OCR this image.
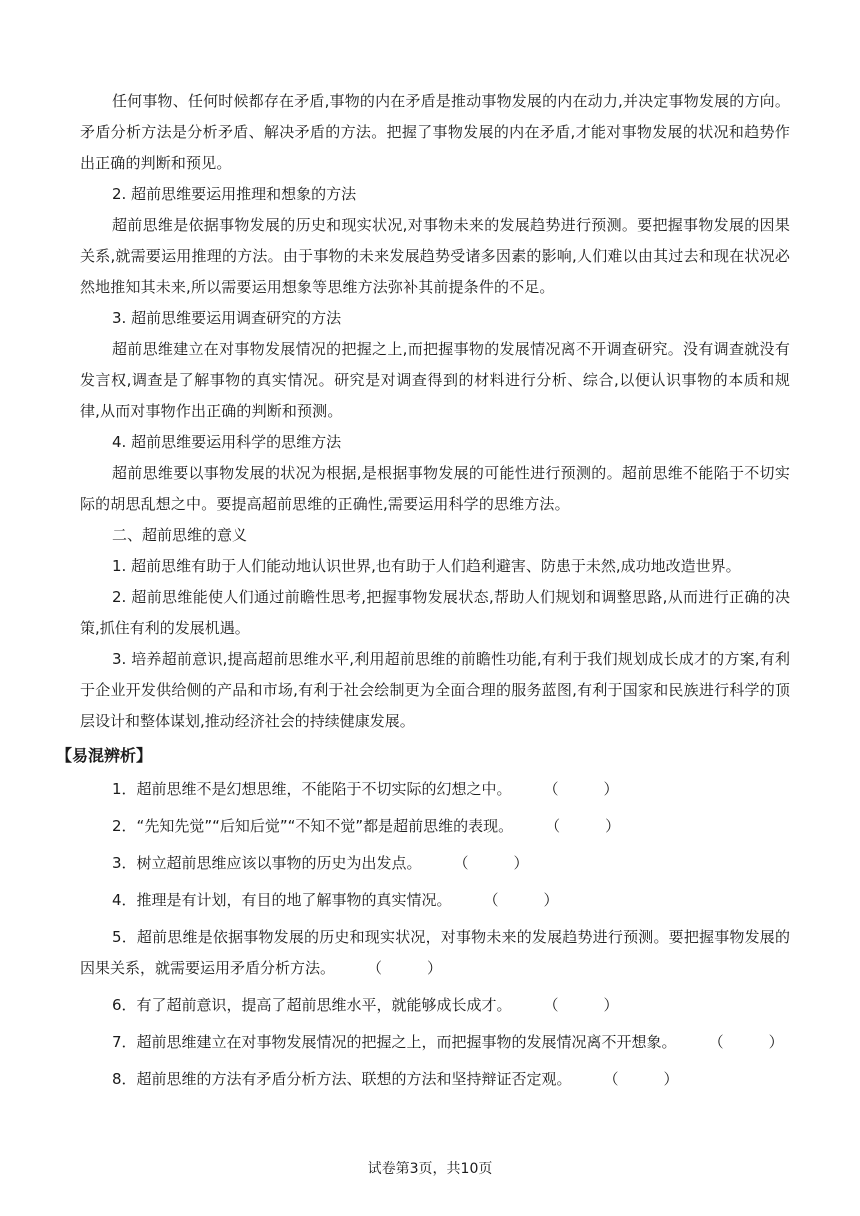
任何事物、任何时候都存在矛盾,事物的内在矛盾是推动事物发展的内在动力,并决定事物发展的方向。矛盾分析方法是分析矛盾、解决矛盾的方法。把握了事物发展的内在矛盾,才能对事物发展的状况和趋势作出正确的判断和预见。

2. 超前思维要运用推理和想象的方法

超前思维是依据事物发展的历史和现实状况,对事物未来的发展趋势进行预测。要把握事物发展的因果关系,就需要运用推理的方法。由于事物的未来发展趋势受诸多因素的影响,人们难以由其过去和现在状况必然地推知其未来,所以需要运用想象等思维方法弥补其前提条件的不足。

3. 超前思维要运用调查研究的方法

超前思维建立在对事物发展情况的把握之上,而把握事物的发展情况离不开调查研究。没有调查就没有发言权,调查是了解事物的真实情况。研究是对调查得到的材料进行分析、综合,以便认识事物的本质和规律,从而对事物作出正确的判断和预测。

4. 超前思维要运用科学的思维方法

超前思维要以事物发展的状况为根据,是根据事物发展的可能性进行预测的。超前思维不能陷于不切实际的胡思乱想之中。要提高超前思维的正确性,需要运用科学的思维方法。

二、超前思维的意义

1. 超前思维有助于人们能动地认识世界,也有助于人们趋利避害、防患于未然,成功地改造世界。

2. 超前思维能使人们通过前瞻性思考,把握事物发展状态,帮助人们规划和调整思路,从而进行正确的决策,抓住有利的发展机遇。

3. 培养超前意识,提高超前思维水平,利用超前思维的前瞻性功能,有利于我们规划成长成才的方案,有利于企业开发供给侧的产品和市场,有利于社会绘制更为全面合理的服务蓝图,有利于国家和民族进行科学的顶层设计和整体谋划,推动经济社会的持续健康发展。

【易混辨析】

1．超前思维不是幻想思维，不能陷于不切实际的幻想之中。 （　　　）

2．“先知先觉”“后知后觉”“不知不觉”都是超前思维的表现。 （　　　）

3．树立超前思维应该以事物的历史为出发点。 （　　　）

4．推理是有计划，有目的地了解事物的真实情况。 （　　　）

5．超前思维是依据事物发展的历史和现实状况，对事物未来的发展趋势进行预测。要把握事物发展的因果关系，就需要运用矛盾分析方法。 （　　　）

6．有了超前意识，提高了超前思维水平，就能够成长成才。 （　　　）

7．超前思维建立在对事物发展情况的把握之上，而把握事物的发展情况离不开想象。 （　　　）

8．超前思维的方法有矛盾分析方法、联想的方法和坚持辩证否定观。 （　　　）

试卷第3页，共10页
